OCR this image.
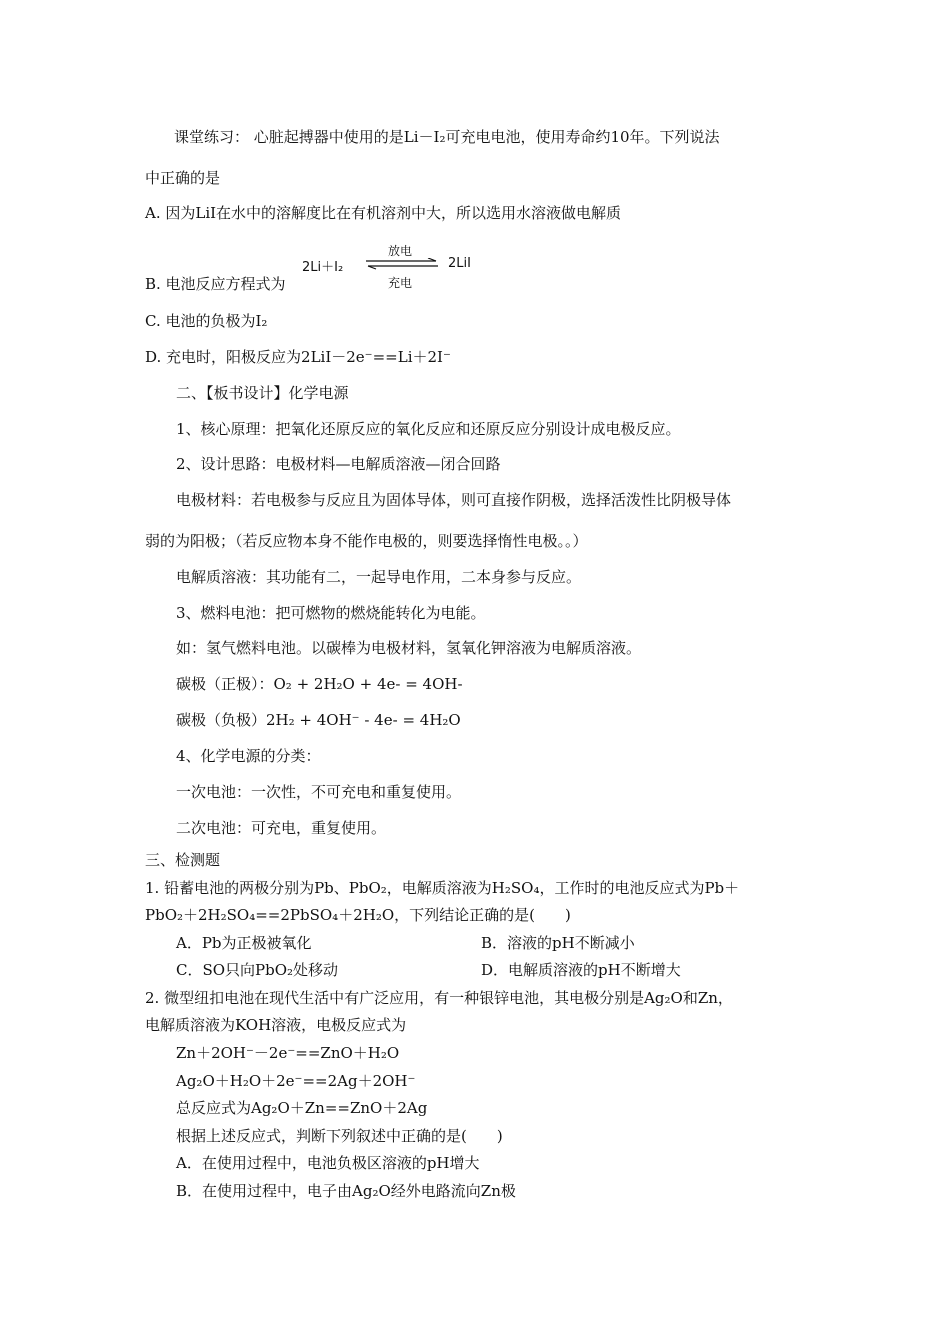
课堂练习： 心脏起搏器中使用的是Li－I₂可充电电池，使用寿命约10年。下列说法
中正确的是
A. 因为LiI在水中的溶解度比在有机溶剂中大，所以选用水溶液做电解质
B. 电池反应方程式为
2Li＋I₂
放电
充电
2LiI
C. 电池的负极为I₂
D. 充电时，阳极反应为2LiI－2e⁻==Li＋2I⁻
二、【板书设计】化学电源
1、核心原理：把氧化还原反应的氧化反应和还原反应分别设计成电极反应。
2、设计思路：电极材料—电解质溶液—闭合回路
电极材料：若电极参与反应且为固体导体，则可直接作阴极，选择活泼性比阴极导体
弱的为阳极；（若反应物本身不能作电极的，则要选择惰性电极。。）
电解质溶液：其功能有二，一起导电作用，二本身参与反应。
3、燃料电池：把可燃物的燃烧能转化为电能。
如：氢气燃料电池。以碳棒为电极材料，氢氧化钾溶液为电解质溶液。
碳极（正极）：O₂ + 2H₂O + 4e- = 4OH-
碳极（负极）2H₂ + 4OH⁻ - 4e- = 4H₂O
4、化学电源的分类：
一次电池：一次性，不可充电和重复使用。
二次电池：可充电，重复使用。
三、检测题
1. 铅蓄电池的两极分别为Pb、PbO₂，电解质溶液为H₂SO₄，工作时的电池反应式为Pb＋
PbO₂＋2H₂SO₄==2PbSO₄＋2H₂O，下列结论正确的是(　　)
A．Pb为正极被氧化	B．溶液的pH不断减小
C．SO只向PbO₂处移动	D．电解质溶液的pH不断增大
2. 微型纽扣电池在现代生活中有广泛应用，有一种银锌电池，其电极分别是Ag₂O和Zn，
电解质溶液为KOH溶液，电极反应式为
Zn＋2OH⁻－2e⁻==ZnO＋H₂O
Ag₂O＋H₂O＋2e⁻==2Ag＋2OH⁻
总反应式为Ag₂O＋Zn==ZnO＋2Ag
根据上述反应式，判断下列叙述中正确的是(　　)
A．在使用过程中，电池负极区溶液的pH增大
B．在使用过程中，电子由Ag₂O经外电路流向Zn极
